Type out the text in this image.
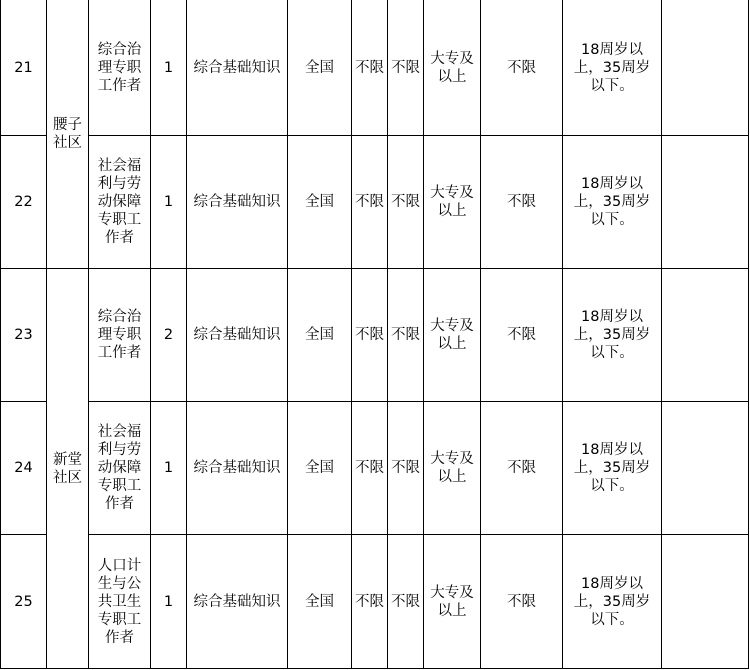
21	腰子社区	综合治理专职工作者	1	综合基础知识	全国	不限	不限	大专及以上	不限	18周岁以上，35周岁以下。	

22		社会福利与劳动保障专职工作者	1	综合基础知识	全国	不限	不限	大专及以上	不限	18周岁以上，35周岁以下。	

23	新堂社区	综合治理专职工作者	2	综合基础知识	全国	不限	不限	大专及以上	不限	18周岁以上，35周岁以下。	

24		社会福利与劳动保障专职工作者	1	综合基础知识	全国	不限	不限	大专及以上	不限	18周岁以上，35周岁以下。	

25		人口计生与公共卫生专职工作者	1	综合基础知识	全国	不限	不限	大专及以上	不限	18周岁以上，35周岁以下。	
